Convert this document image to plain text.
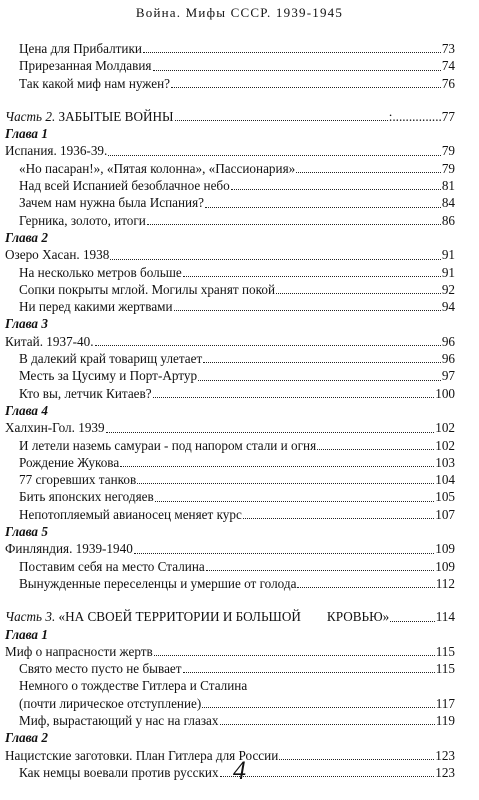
Война. Мифы СССР. 1939-1945
Цена для Прибалтики	73
Прирезанная Молдавия	74
Так какой миф нам нужен?	76
Часть 2. ЗАБЫТЫЕ ВОЙНЫ	:...............77
Глава 1
Испания. 1936-39.	79
«Но пасаран!», «Пятая колонна», «Пассионария»	79
Над всей Испанией безоблачное небо	81
Зачем нам нужна была Испания?	84
Герника, золото, итоги	86
Глава 2
Озеро Хасан. 1938	91
На несколько метров больше	91
Сопки покрыты мглой. Могилы хранят покой	92
Ни перед какими жертвами	94
Глава 3
Китай. 1937-40.	96
В далекий край товарищ улетает	96
Месть за Цусиму и Порт-Артур	97
Кто вы, летчик Китаев?	100
Глава 4
Халхин-Гол. 1939	102
И летели наземь самураи - под напором стали и огня	102
Рождение Жукова	103
77 сгоревших танков	104
Бить японских негодяев	105
Непотопляемый авианосец меняет курс	107
Глава 5
Финляндия. 1939-1940	109
Поставим себя на место Сталина	109
Вынужденные переселенцы и умершие от голода	112
Часть 3. «НА СВОЕЙ ТЕРРИТОРИИ И БОЛЬШОЙ КРОВЬЮ»	114
Глава 1
Миф о напрасности жертв	115
Свято место пусто не бывает	115
Немного о тождестве Гитлера и Сталина
(почти лирическое отступление)	117
Миф, вырастающий у нас на глазах	119
Глава 2
Нацистские заготовки. План Гитлера для России	123
Как немцы воевали против русских	123
4
